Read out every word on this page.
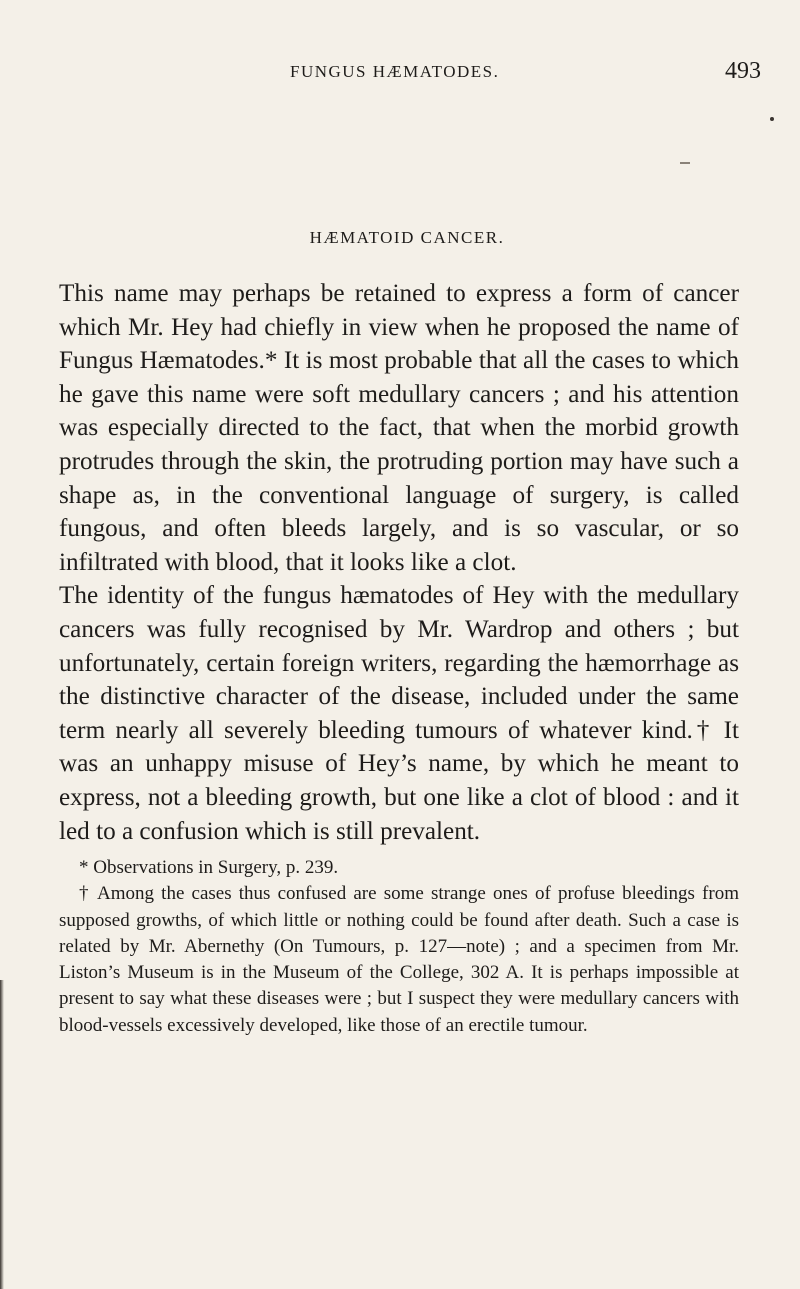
FUNGUS HÆMATODES.	493
HÆMATOID CANCER.

This name may perhaps be retained to express a form of cancer which Mr. Hey had chiefly in view when he proposed the name of Fungus Hæmatodes.* It is most probable that all the cases to which he gave this name were soft medullary cancers ; and his attention was especially directed to the fact, that when the morbid growth protrudes through the skin, the protruding portion may have such a shape as, in the conventional language of surgery, is called fungous, and often bleeds largely, and is so vascular, or so infiltrated with blood, that it looks like a clot.

The identity of the fungus hæmatodes of Hey with the medullary cancers was fully recognised by Mr. Wardrop and others ; but unfortunately, certain foreign writers, regarding the hæmorrhage as the distinctive character of the disease, included under the same term nearly all severely bleeding tumours of whatever kind.† It was an unhappy misuse of Hey’s name, by which he meant to express, not a bleeding growth, but one like a clot of blood : and it led to a confusion which is still prevalent.

* Observations in Surgery, p. 239.

† Among the cases thus confused are some strange ones of profuse bleedings from supposed growths, of which little or nothing could be found after death. Such a case is related by Mr. Abernethy (On Tumours, p. 127—note) ; and a specimen from Mr. Liston’s Museum is in the Museum of the College, 302 A. It is perhaps impossible at present to say what these diseases were ; but I suspect they were medullary cancers with blood-vessels excessively developed, like those of an erectile tumour.
